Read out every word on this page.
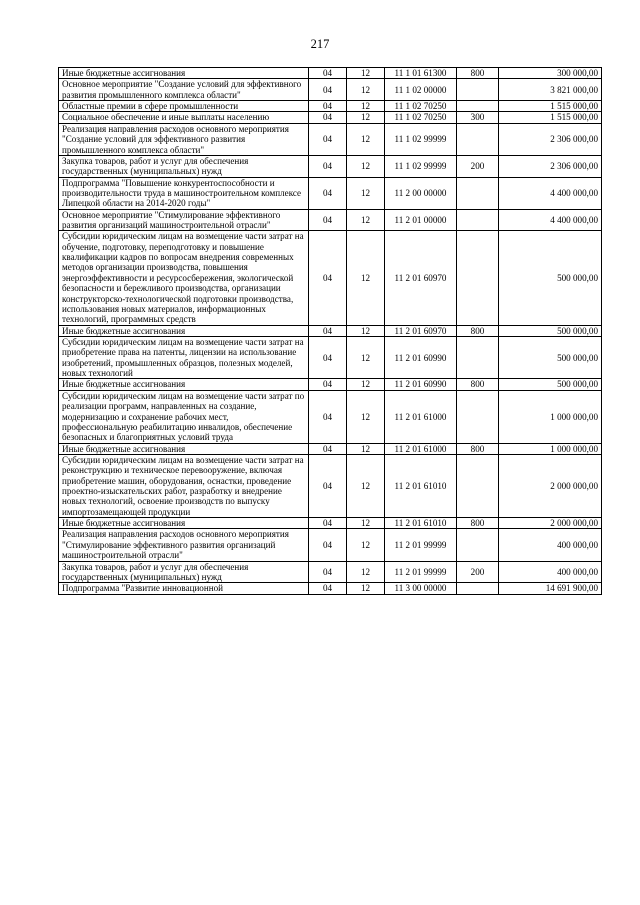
217
Иные бюджетные ассигнования	04	12	11 1 01 61300	800	300 000,00
Основное мероприятие "Создание условий для эффективного развития промышленного комплекса области"	04	12	11 1 02 00000		3 821 000,00
Областные премии в сфере промышленности	04	12	11 1 02 70250		1 515 000,00
Социальное обеспечение и иные выплаты населению	04	12	11 1 02 70250	300	1 515 000,00
Реализация направления расходов основного мероприятия "Создание условий для эффективного развития промышленного комплекса области"	04	12	11 1 02 99999		2 306 000,00
Закупка товаров, работ и услуг для обеспечения государственных (муниципальных) нужд	04	12	11 1 02 99999	200	2 306 000,00
Подпрограмма "Повышение конкурентоспособности и производительности труда в машиностроительном комплексе Липецкой области на 2014-2020 годы"	04	12	11 2 00 00000		4 400 000,00
Основное мероприятие "Стимулирование эффективного развития организаций машиностроительной отрасли"	04	12	11 2 01 00000		4 400 000,00
Субсидии юридическим лицам на возмещение части затрат на обучение, подготовку, переподготовку и повышение квалификации кадров по вопросам внедрения современных методов организации производства, повышения энергоэффективности и ресурсосбережения, экологической безопасности и бережливого производства, организации конструкторско-технологической подготовки производства, использования новых материалов, информационных технологий, программных средств	04	12	11 2 01 60970		500 000,00
Иные бюджетные ассигнования	04	12	11 2 01 60970	800	500 000,00
Субсидии юридическим лицам на возмещение части затрат на приобретение права на патенты, лицензии на использование изобретений, промышленных образцов, полезных моделей, новых технологий	04	12	11 2 01 60990		500 000,00
Иные бюджетные ассигнования	04	12	11 2 01 60990	800	500 000,00
Субсидии юридическим лицам на возмещение части затрат по реализации программ, направленных на создание, модернизацию и сохранение рабочих мест, профессиональную реабилитацию инвалидов, обеспечение безопасных и благоприятных условий труда	04	12	11 2 01 61000		1 000 000,00
Иные бюджетные ассигнования	04	12	11 2 01 61000	800	1 000 000,00
Субсидии юридическим лицам на возмещение части затрат на реконструкцию и техническое перевооружение, включая приобретение машин, оборудования, оснастки, проведение проектно-изыскательских работ, разработку и внедрение новых технологий, освоение производств по выпуску импортозамещающей продукции	04	12	11 2 01 61010		2 000 000,00
Иные бюджетные ассигнования	04	12	11 2 01 61010	800	2 000 000,00
Реализация направления расходов основного мероприятия "Стимулирование эффективного развития организаций машиностроительной отрасли"	04	12	11 2 01 99999		400 000,00
Закупка товаров, работ и услуг для обеспечения государственных (муниципальных) нужд	04	12	11 2 01 99999	200	400 000,00
Подпрограмма "Развитие инновационной	04	12	11 3 00 00000		14 691 900,00
